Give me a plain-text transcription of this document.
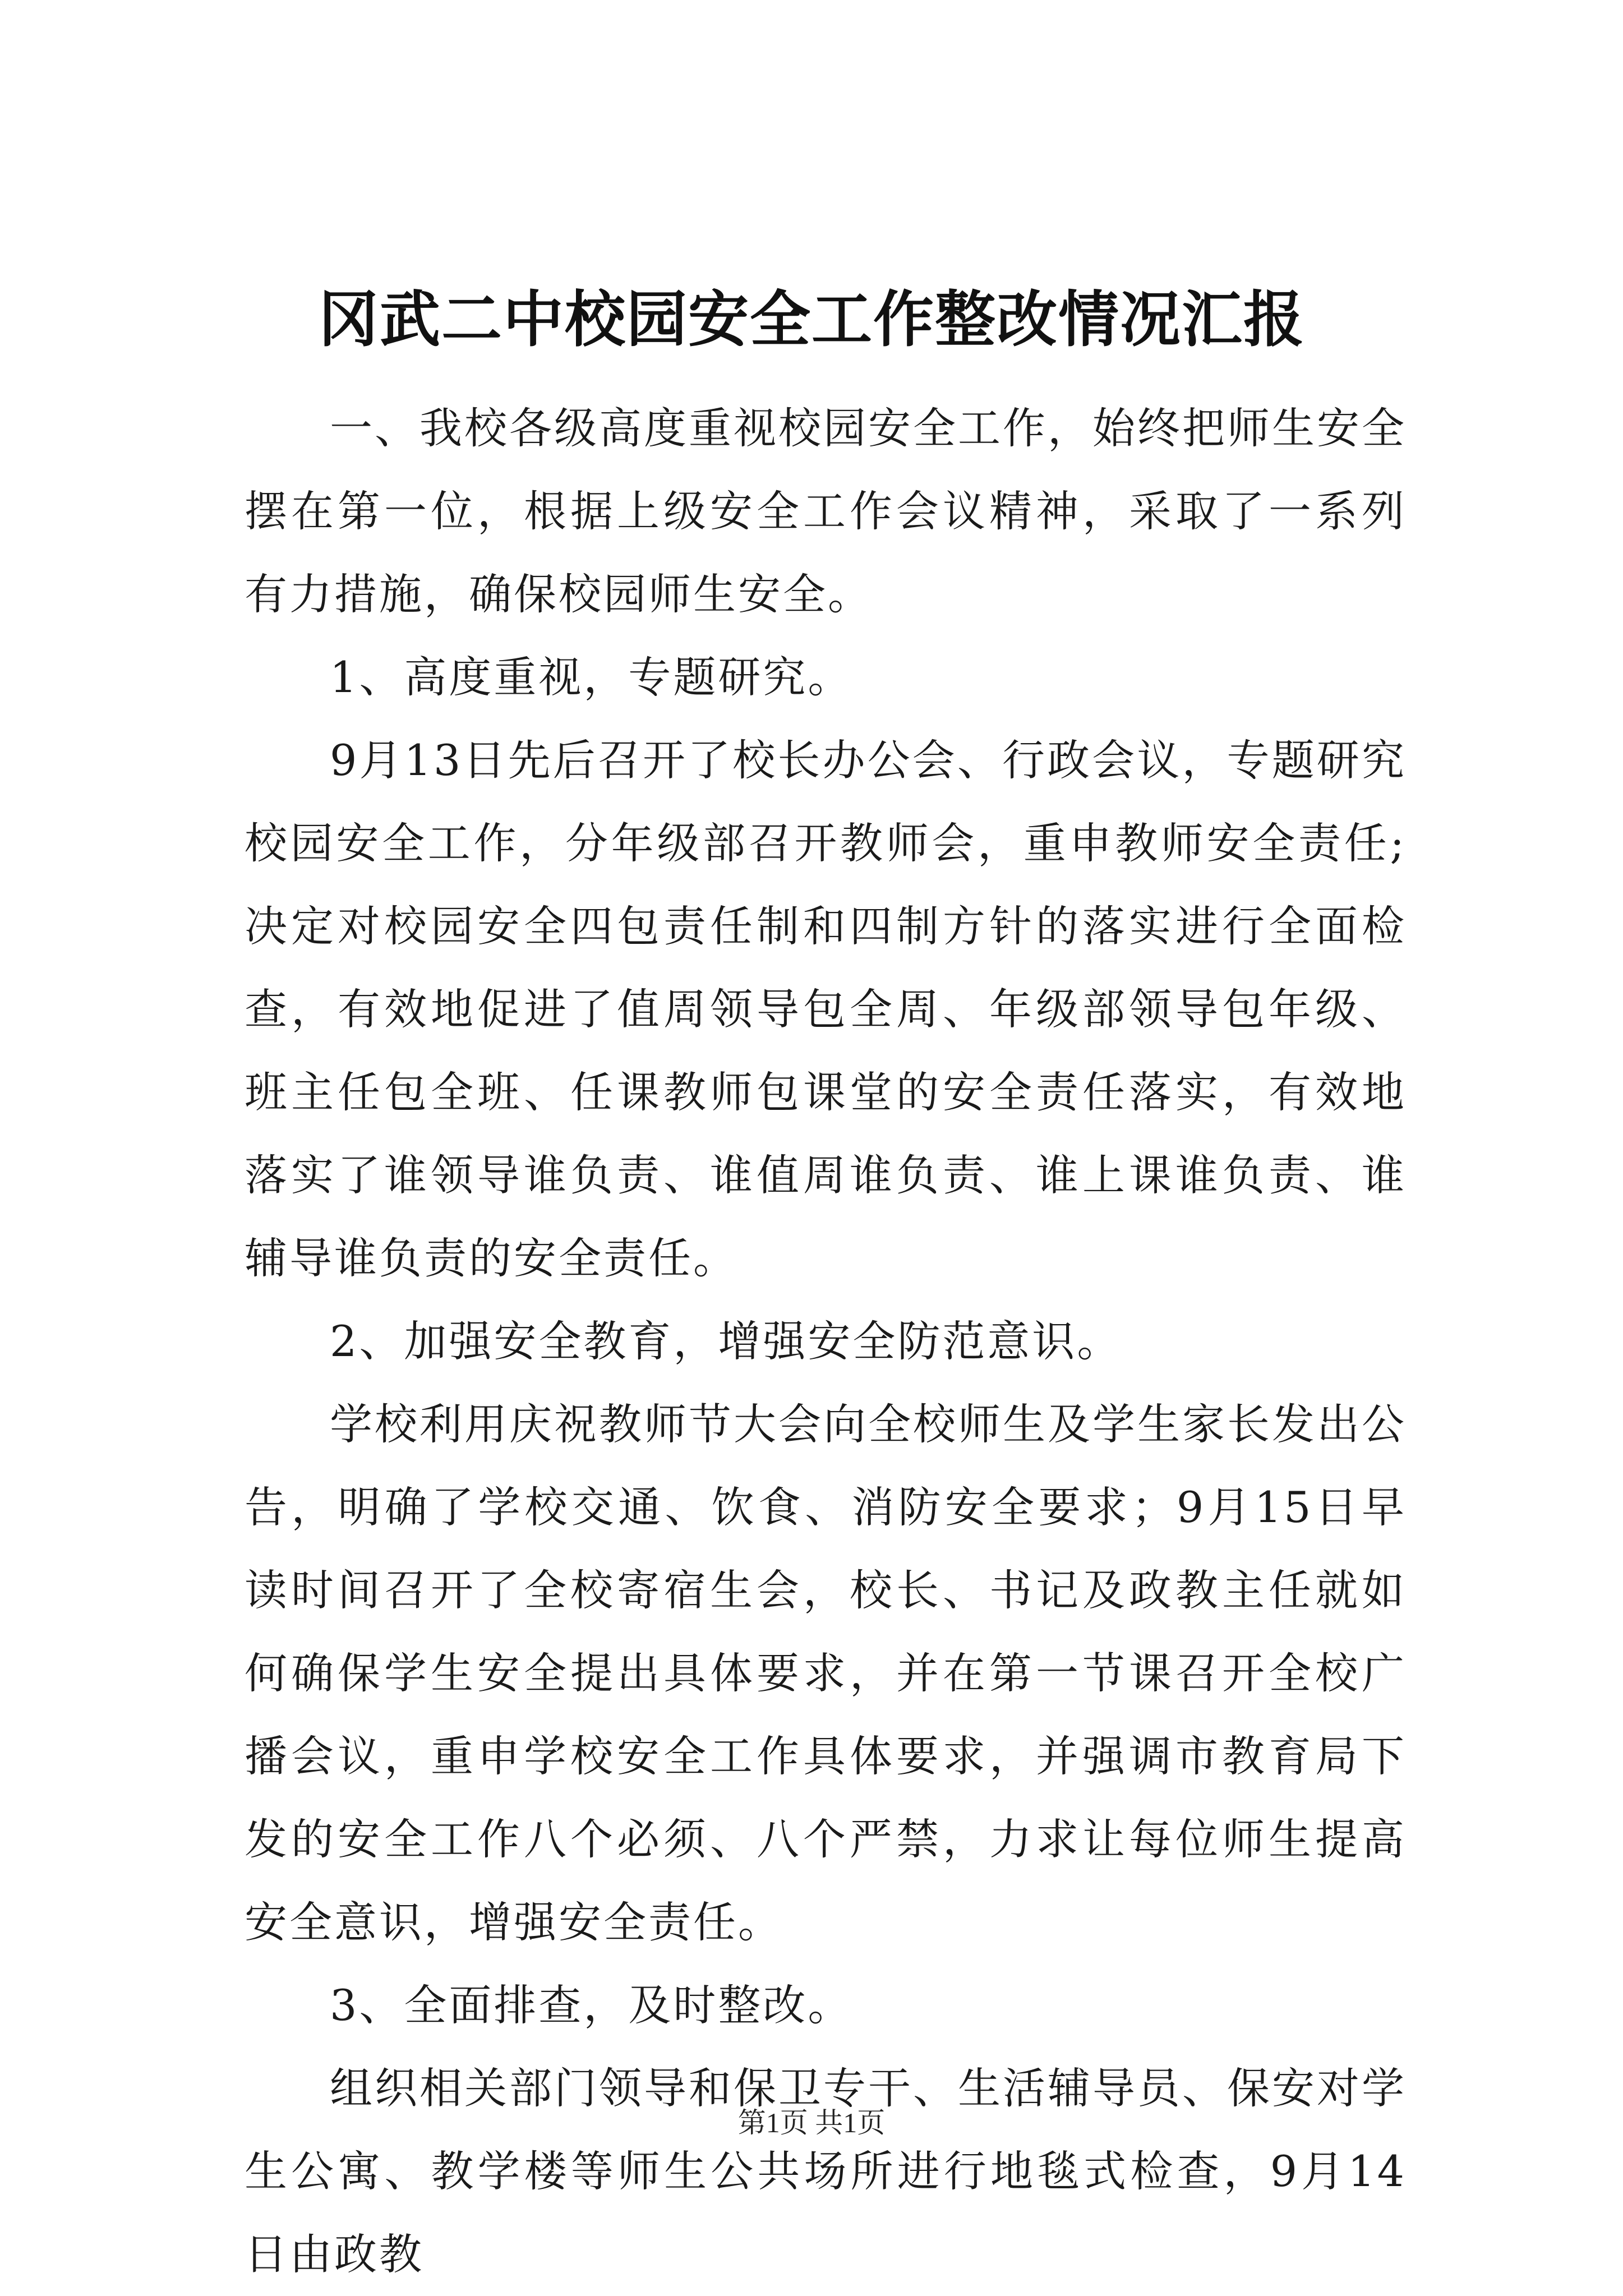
冈武二中校园安全工作整改情况汇报

一、我校各级高度重视校园安全工作，始终把师生安全摆在第一位，根据上级安全工作会议精神，采取了一系列有力措施，确保校园师生安全。

1、高度重视，专题研究。

9月13日先后召开了校长办公会、行政会议，专题研究校园安全工作，分年级部召开教师会，重申教师安全责任;决定对校园安全四包责任制和四制方针的落实进行全面检查，有效地促进了值周领导包全周、年级部领导包年级、班主任包全班、任课教师包课堂的安全责任落实，有效地落实了谁领导谁负责、谁值周谁负责、谁上课谁负责、谁辅导谁负责的安全责任。

2、加强安全教育，增强安全防范意识。

学校利用庆祝教师节大会向全校师生及学生家长发出公告，明确了学校交通、饮食、消防安全要求；9月15日早读时间召开了全校寄宿生会，校长、书记及政教主任就如何确保学生安全提出具体要求，并在第一节课召开全校广播会议，重申学校安全工作具体要求，并强调市教育局下发的安全工作八个必须、八个严禁，力求让每位师生提高安全意识，增强安全责任。

3、全面排查，及时整改。

组织相关部门领导和保卫专干、生活辅导员、保安对学生公寓、教学楼等师生公共场所进行地毯式检查，9月14日由政教

第1页 共1页
